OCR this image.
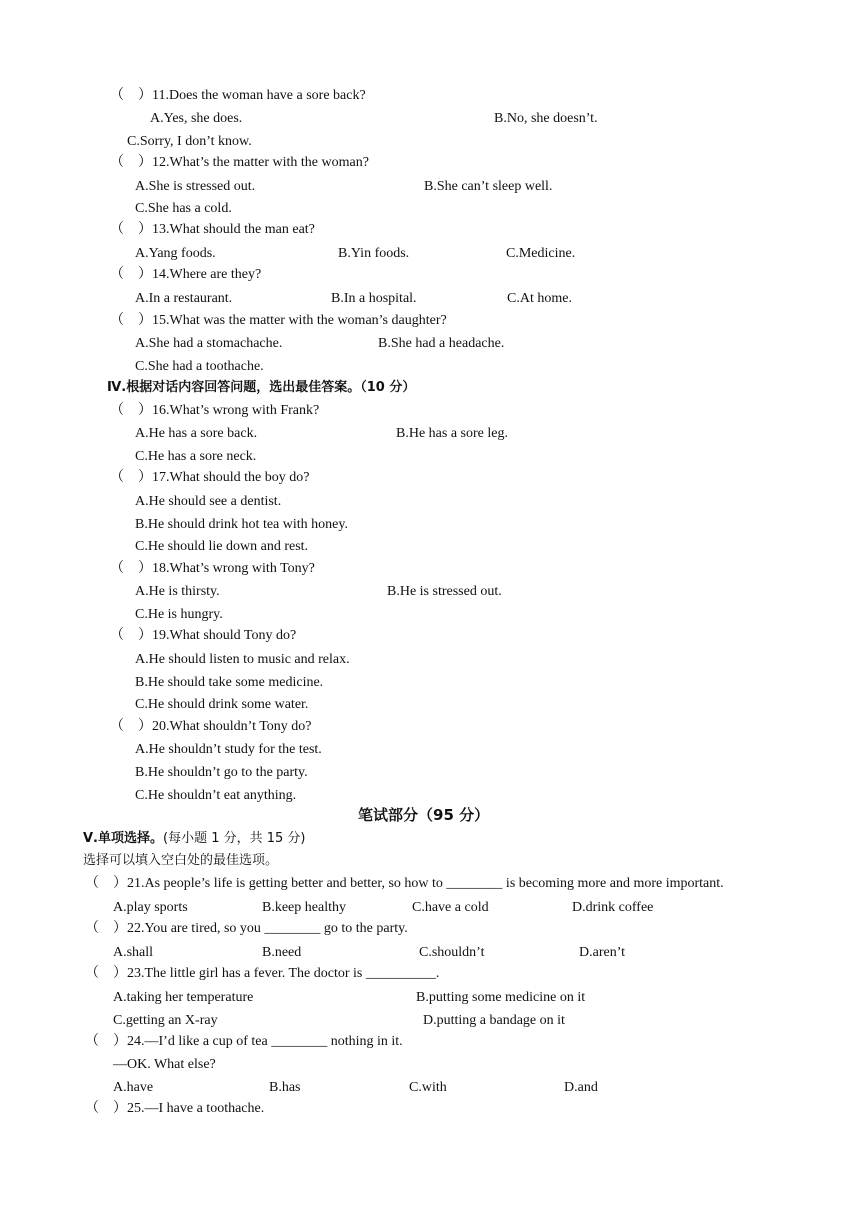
（    ）11.Does the woman have a sore back?
A.Yes, she does.	B.No, she doesn’t.
C.Sorry, I don’t know.
（    ）12.What’s the matter with the woman?
A.She is stressed out.	B.She can’t sleep well.
C.She has a cold.
（    ）13.What should the man eat?
A.Yang foods.	B.Yin foods.	C.Medicine.
（    ）14.Where are they?
A.In a restaurant.	B.In a hospital.	C.At home.
（    ）15.What was the matter with the woman’s daughter?
A.She had a stomachache.	B.She had a headache.
C.She had a toothache.
Ⅳ.根据对话内容回答问题，选出最佳答案。（10 分）
（    ）16.What’s wrong with Frank?
A.He has a sore back.	B.He has a sore leg.
C.He has a sore neck.
（    ）17.What should the boy do?
A.He should see a dentist.
B.He should drink hot tea with honey.
C.He should lie down and rest.
（    ）18.What’s wrong with Tony?
A.He is thirsty.	B.He is stressed out.
C.He is hungry.
（    ）19.What should Tony do?
A.He should listen to music and relax.
B.He should take some medicine.
C.He should drink some water.
（    ）20.What shouldn’t Tony do?
A.He shouldn’t study for the test.
B.He shouldn’t go to the party.
C.He shouldn’t eat anything.
笔试部分（95 分）
Ⅴ.单项选择。(每小题 1 分，共 15 分)
选择可以填入空白处的最佳选项。
（    ）21.As people’s life is getting better and better, so how to ________ is becoming more and more important.
A.play sports	B.keep healthy	C.have a cold	D.drink coffee
（    ）22.You are tired, so you ________ go to the party.
A.shall	B.need	C.shouldn’t	D.aren’t
（    ）23.The little girl has a fever. The doctor is __________.
A.taking her temperature	B.putting some medicine on it
C.getting an X-ray	D.putting a bandage on it
（    ）24.—I’d like a cup of tea ________ nothing in it.
—OK. What else?
A.have	B.has	C.with	D.and
（    ）25.—I have a toothache.
